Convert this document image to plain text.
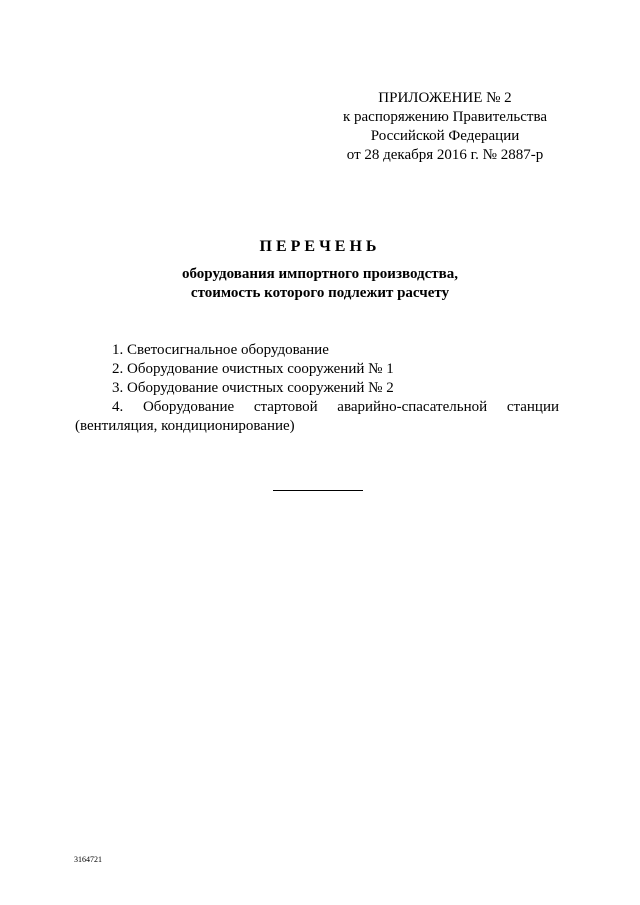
ПРИЛОЖЕНИЕ № 2
к распоряжению Правительства
Российской Федерации
от 28 декабря 2016 г. № 2887-р
ПЕРЕЧЕНЬ
оборудования импортного производства,
стоимость которого подлежит расчету

1. Светосигнальное оборудование

2. Оборудование очистных сооружений № 1

3. Оборудование очистных сооружений № 2

4. Оборудование стартовой аварийно-спасательной станции (вентиляция, кондиционирование)

3164721
